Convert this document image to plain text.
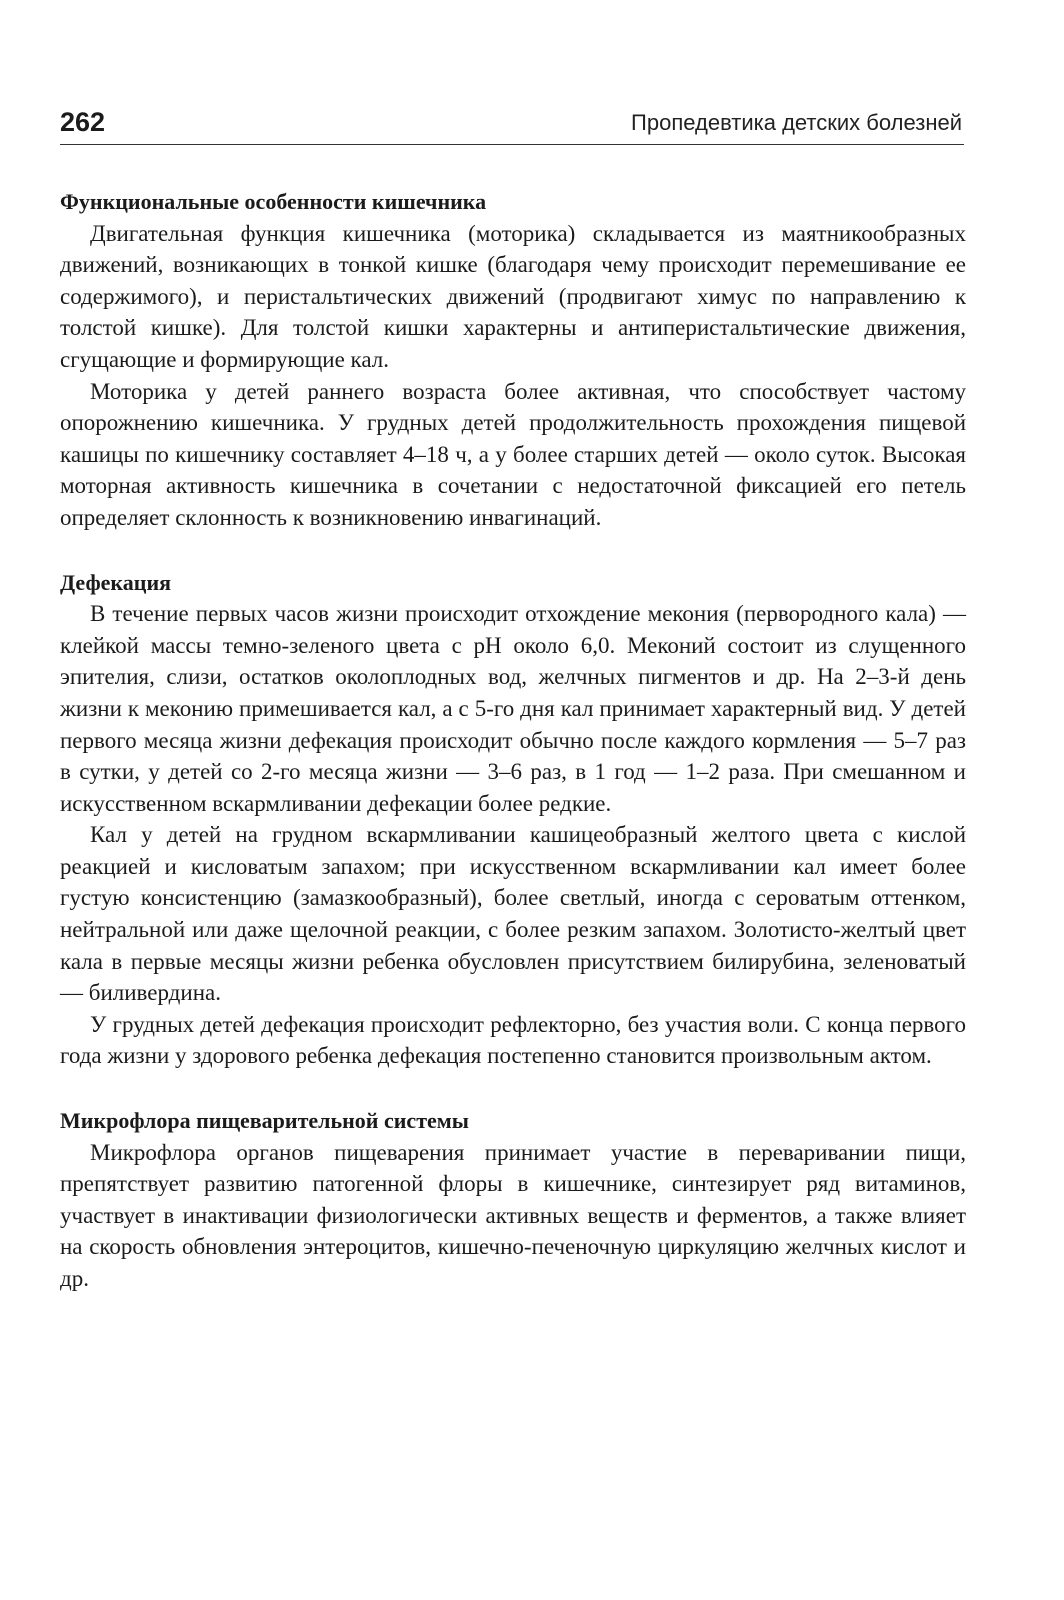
262	Пропедевтика детских болезней
Функциональные особенности кишечника

Двигательная функция кишечника (моторика) складывается из маятникообразных движений, возникающих в тонкой кишке (благодаря чему происходит перемешивание ее содержимого), и перистальтических движений (продвигают химус по направлению к толстой кишке). Для толстой кишки характерны и антиперистальтические движения, сгущающие и формирующие кал.

Моторика у детей раннего возраста более активная, что способствует частому опорожнению кишечника. У грудных детей продолжительность прохождения пищевой кашицы по кишечнику составляет 4–18 ч, а у более старших детей — около суток. Высокая моторная активность кишечника в сочетании с недостаточной фиксацией его петель определяет склонность к возникновению инвагинаций.

Дефекация

В течение первых часов жизни происходит отхождение мекония (первородного кала) — клейкой массы темно-зеленого цвета с pH около 6,0. Меконий состоит из слущенного эпителия, слизи, остатков околоплодных вод, желчных пигментов и др. На 2–3-й день жизни к меконию примешивается кал, а с 5-го дня кал принимает характерный вид. У детей первого месяца жизни дефекация происходит обычно после каждого кормления — 5–7 раз в сутки, у детей со 2-го месяца жизни — 3–6 раз, в 1 год — 1–2 раза. При смешанном и искусственном вскармливании дефекации более редкие.

Кал у детей на грудном вскармливании кашицеобразный желтого цвета с кислой реакцией и кисловатым запахом; при искусственном вскармливании кал имеет более густую консистенцию (замазкообразный), более светлый, иногда с сероватым оттенком, нейтральной или даже щелочной реакции, с более резким запахом. Золотисто-желтый цвет кала в первые месяцы жизни ребенка обусловлен присутствием билирубина, зеленоватый — биливердина.

У грудных детей дефекация происходит рефлекторно, без участия воли. С конца первого года жизни у здорового ребенка дефекация постепенно становится произвольным актом.

Микрофлора пищеварительной системы

Микрофлора органов пищеварения принимает участие в переваривании пищи, препятствует развитию патогенной флоры в кишечнике, синтезирует ряд витаминов, участвует в инактивации физиологически активных веществ и ферментов, а также влияет на скорость обновления энтероцитов, кишечно-печеночную циркуляцию желчных кислот и др.
